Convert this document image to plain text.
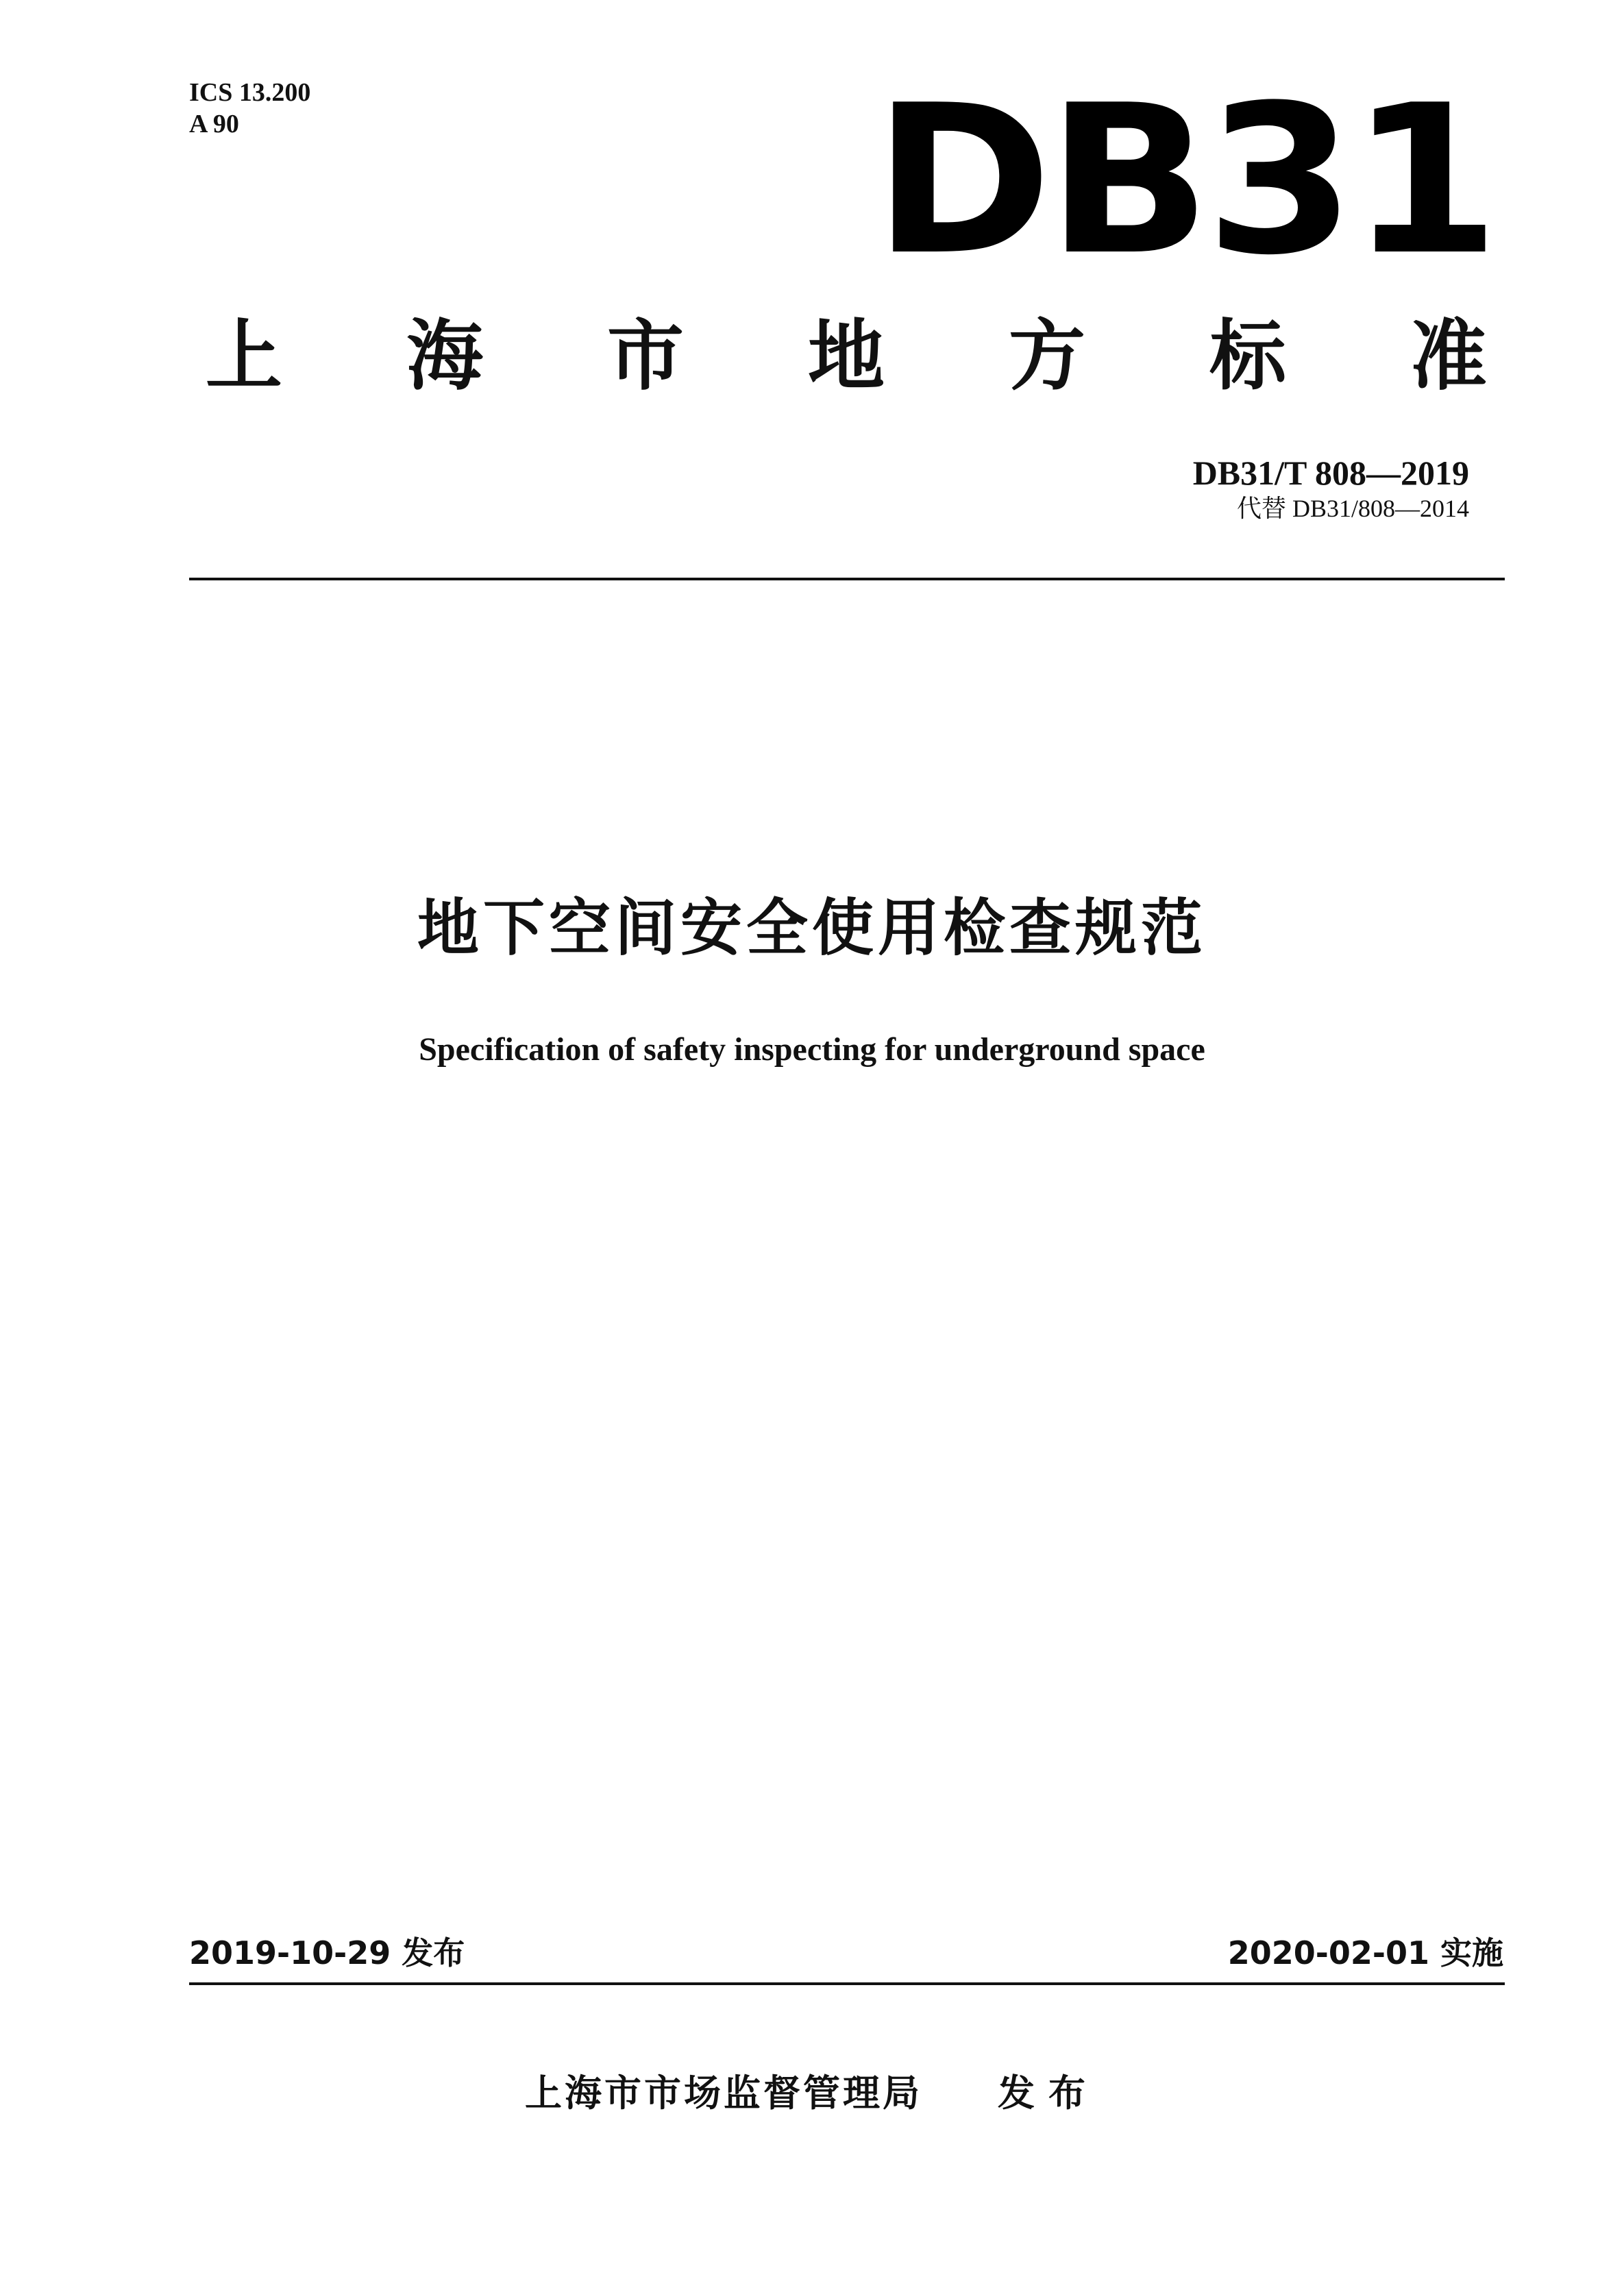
ICS 13.200
A 90	DB31
上 海 市 地 方 标 准
DB31/T 808—2019
代替 DB31/808—2014
地下空间安全使用检查规范
Specification of safety inspecting for underground space
2019-10-29 发布	2020-02-01 实施
上海市市场监督管理局 发布
